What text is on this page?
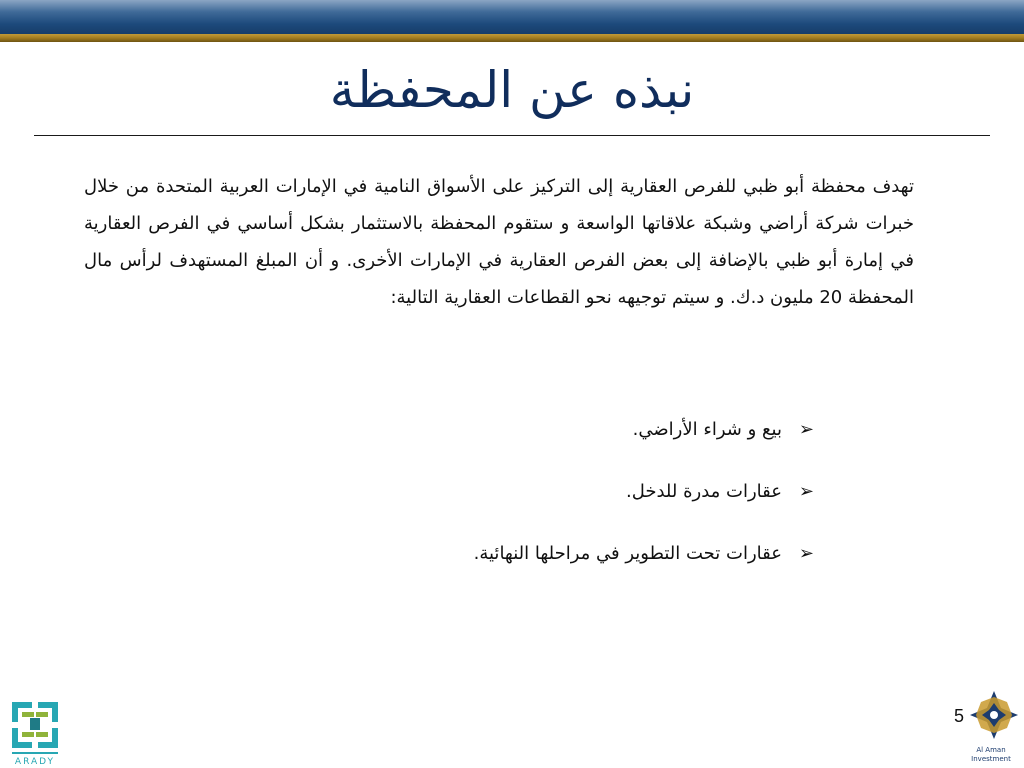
نبذه عن المحفظة

تهدف محفظة أبو ظبي للفرص العقارية إلى التركيز على الأسواق النامية في الإمارات العربية المتحدة من خلال خبرات شركة أراضي وشبكة علاقاتها الواسعة و ستقوم المحفظة بالاستثمار بشكل أساسي في الفرص العقارية في إمارة أبو ظبي بالإضافة إلى بعض الفرص العقارية في الإمارات الأخرى. و أن المبلغ المستهدف لرأس مال المحفظة 20 مليون د.ك. و سيتم توجيهه نحو القطاعات العقارية التالية:

➢
بيع و شراء الأراضي.
➢
عقارات مدرة للدخل.
➢
عقارات تحت التطوير في مراحلها النهائية.
5
ARADY
Al Aman Investment
